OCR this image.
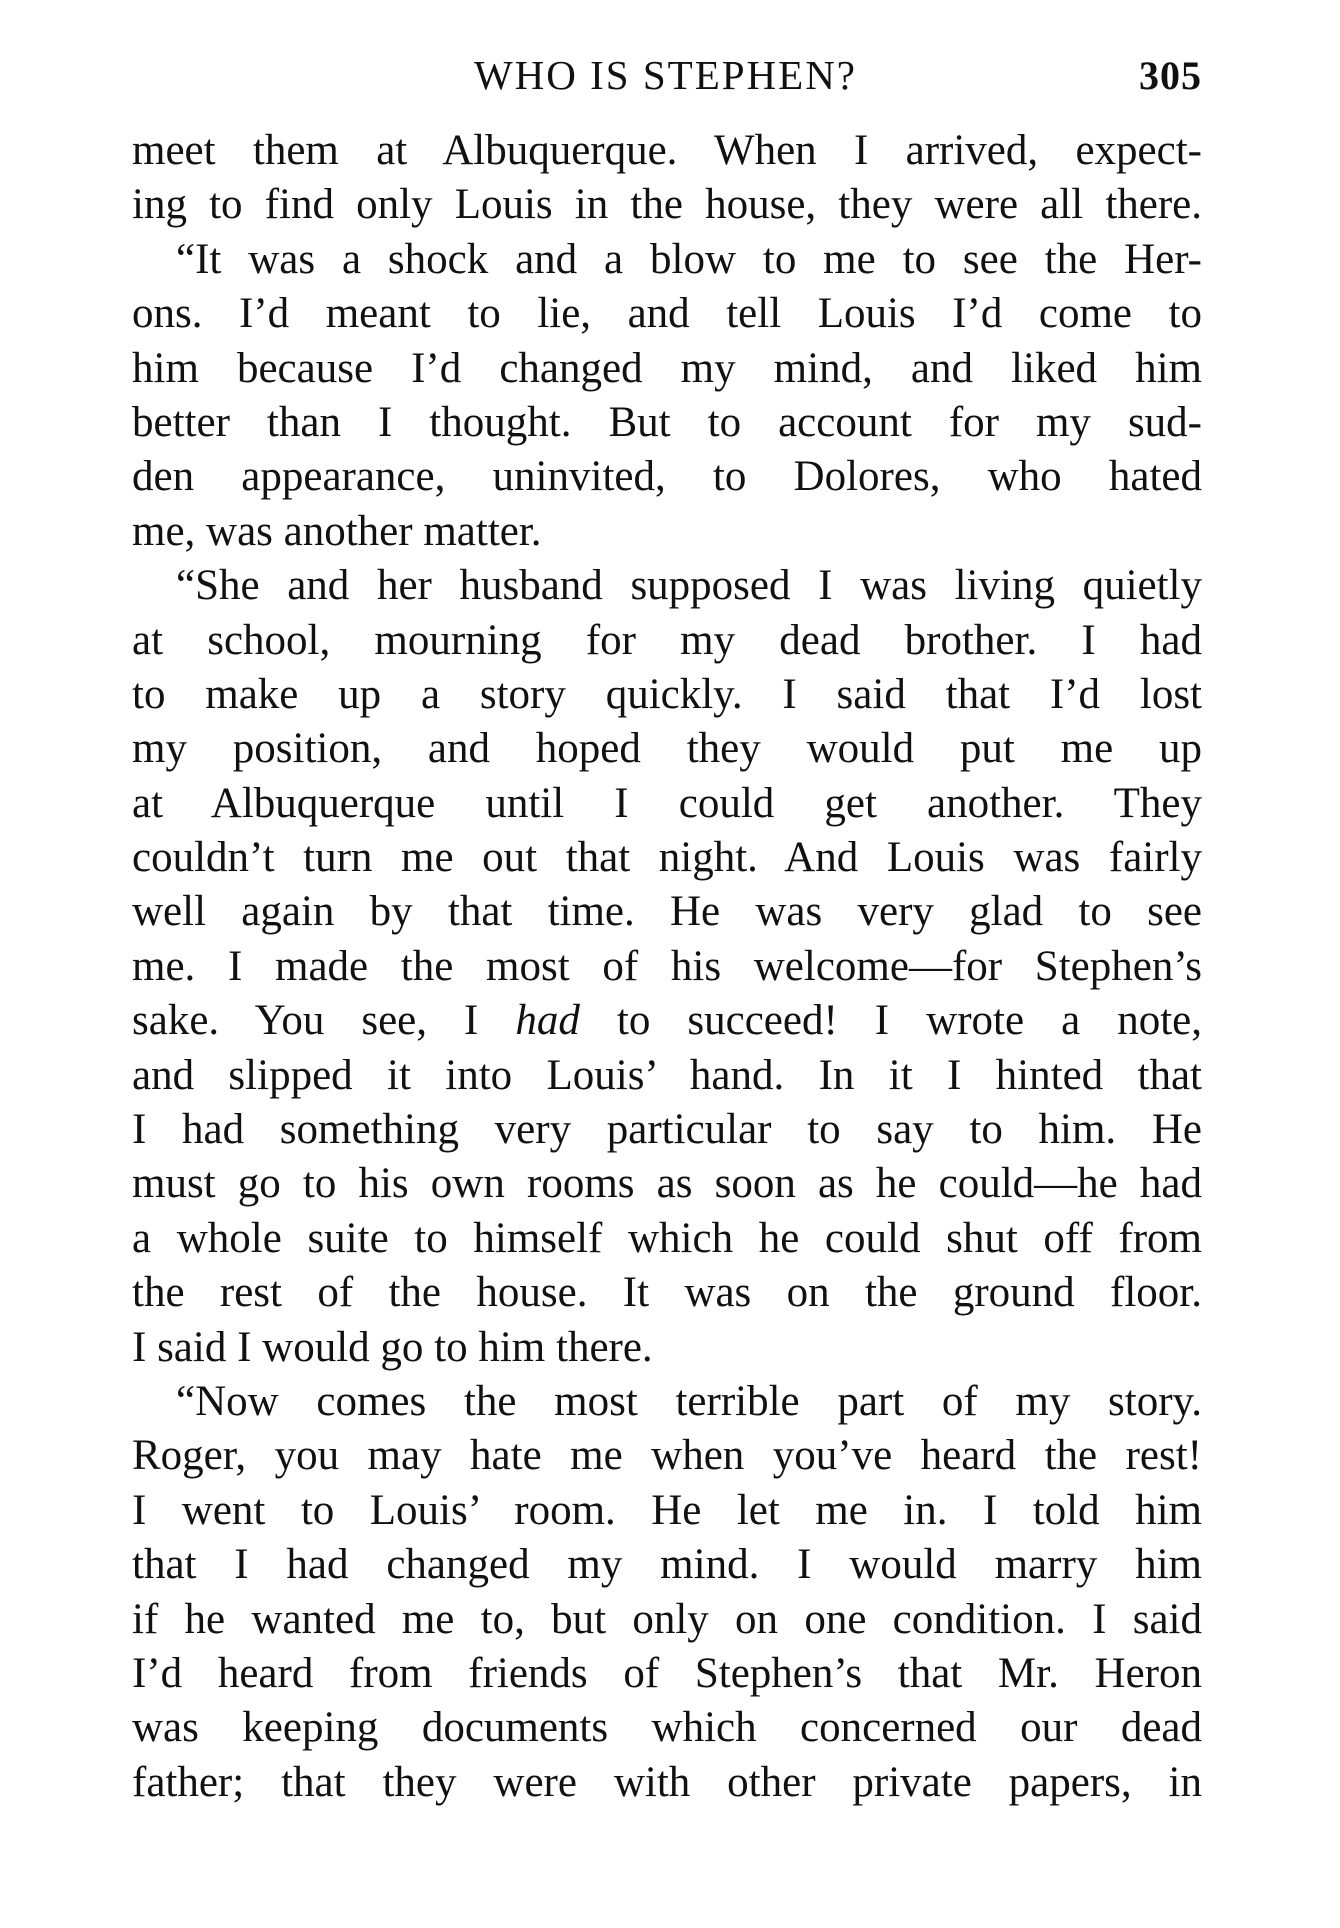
WHO IS STEPHEN?	305
meet them at Albuquerque. When I arrived, expect-
ing to find only Louis in the house, they were all there.
“It was a shock and a blow to me to see the Her-
ons. I’d meant to lie, and tell Louis I’d come to
him because I’d changed my mind, and liked him
better than I thought. But to account for my sud-
den appearance, uninvited, to Dolores, who hated
me, was another matter.
“She and her husband supposed I was living quietly
at school, mourning for my dead brother. I had
to make up a story quickly. I said that I’d lost
my position, and hoped they would put me up
at Albuquerque until I could get another. They
couldn’t turn me out that night. And Louis was fairly
well again by that time. He was very glad to see
me. I made the most of his welcome—for Stephen’s
sake. You see, I had to succeed! I wrote a note,
and slipped it into Louis’ hand. In it I hinted that
I had something very particular to say to him. He
must go to his own rooms as soon as he could—he had
a whole suite to himself which he could shut off from
the rest of the house. It was on the ground floor.
I said I would go to him there.
“Now comes the most terrible part of my story.
Roger, you may hate me when you’ve heard the rest!
I went to Louis’ room. He let me in. I told him
that I had changed my mind. I would marry him
if he wanted me to, but only on one condition. I said
I’d heard from friends of Stephen’s that Mr. Heron
was keeping documents which concerned our dead
father; that they were with other private papers, in
